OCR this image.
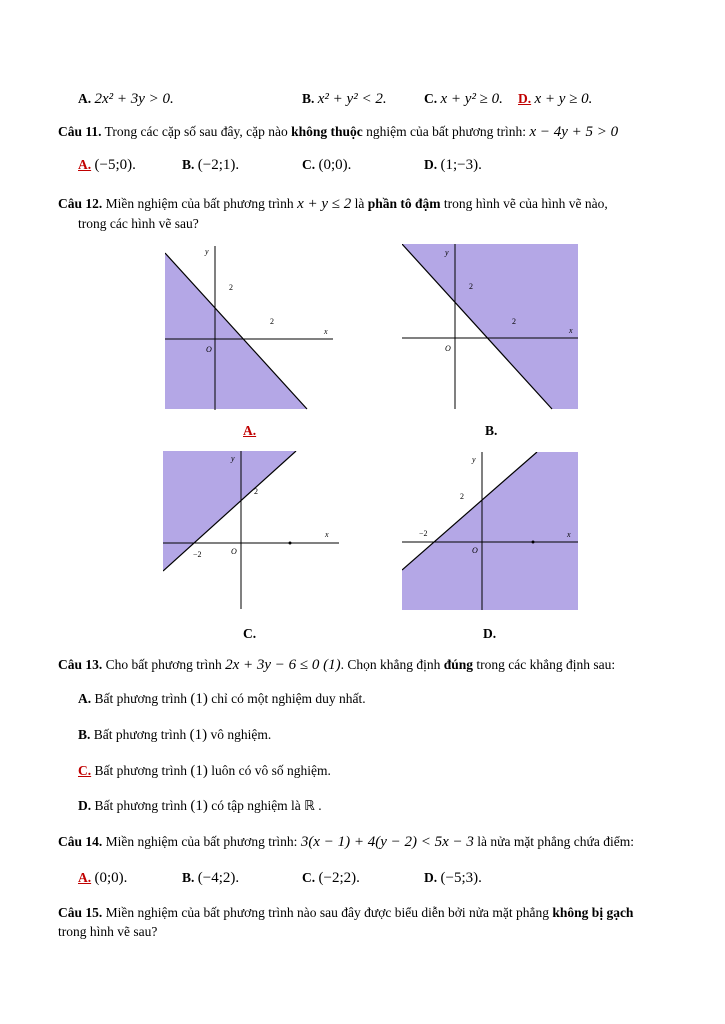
A. 2x² + 3y > 0.	B. x² + y² < 2.	C. x + y² ≥ 0. D. x + y ≥ 0.
Câu 11. Trong các cặp số sau đây, cặp nào không thuộc nghiệm của bất phương trình: x − 4y + 5 > 0
A. (−5;0).	B. (−2;1).	C. (0;0).	D. (1;−3).
Câu 12. Miền nghiệm của bất phương trình x + y ≤ 2 là phần tô đậm trong hình vẽ của hình vẽ nào,
trong các hình vẽ sau?
y
x
O
2
2
A.
y
x
O
2
2
B.
y
x
O
2
−2
C.
y
x
O
2
−2
D.
Câu 13. Cho bất phương trình 2x + 3y − 6 ≤ 0 (1). Chọn khẳng định đúng trong các khẳng định sau:
A. Bất phương trình (1) chỉ có một nghiệm duy nhất.
B. Bất phương trình (1) vô nghiệm.
C. Bất phương trình (1) luôn có vô số nghiệm.
D. Bất phương trình (1) có tập nghiệm là ℝ .
Câu 14. Miền nghiệm của bất phương trình: 3(x − 1) + 4(y − 2) < 5x − 3 là nửa mặt phẳng chứa điểm:
A. (0;0).	B. (−4;2).	C. (−2;2).	D. (−5;3).
Câu 15. Miền nghiệm của bất phương trình nào sau đây được biểu diễn bởi nửa mặt phẳng không bị gạch
trong hình vẽ sau?
